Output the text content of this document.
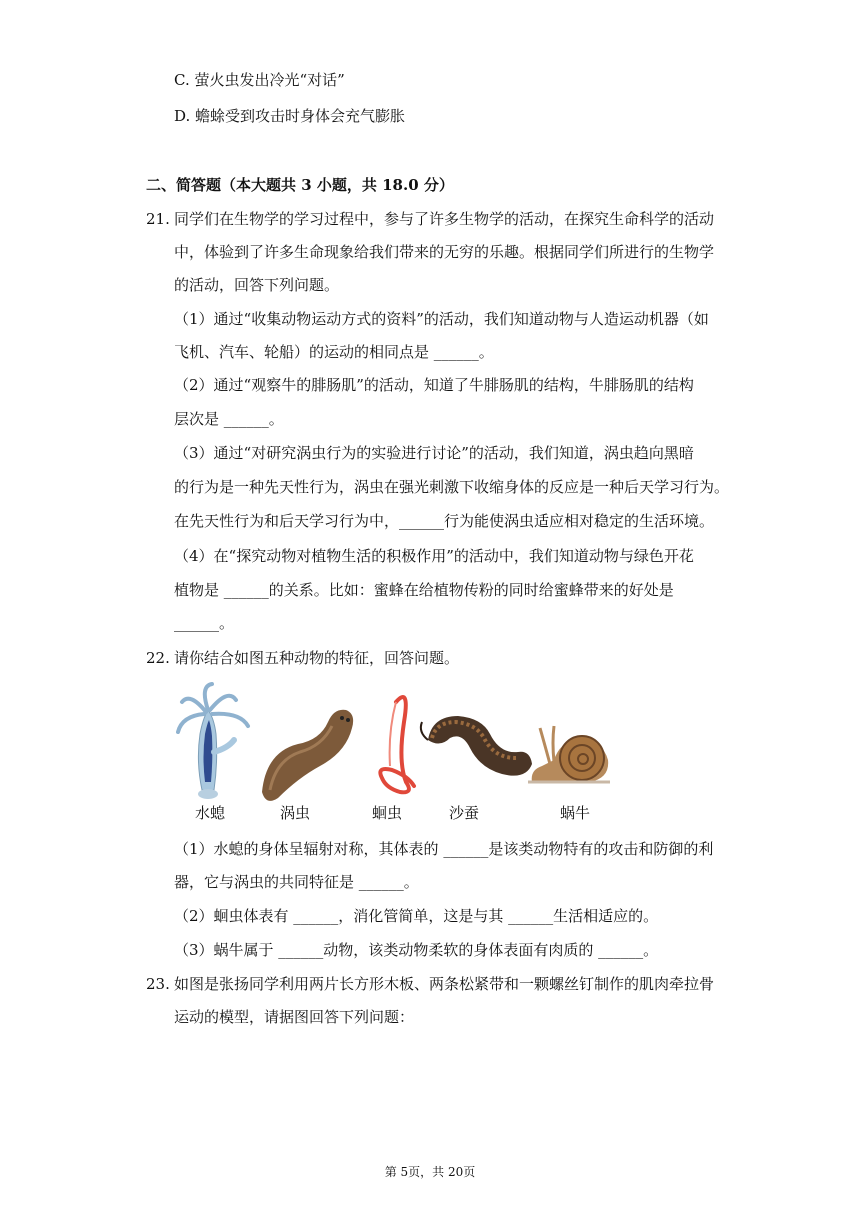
C. 萤火虫发出冷光“对话”
D. 蟾蜍受到攻击时身体会充气膨胀
二、简答题（本大题共 3 小题，共 18.0 分）
21. 同学们在生物学的学习过程中，参与了许多生物学的活动，在探究生命科学的活动
中，体验到了许多生命现象给我们带来的无穷的乐趣。根据同学们所进行的生物学
的活动，回答下列问题。
（1）通过“收集动物运动方式的资料”的活动，我们知道动物与人造运动机器（如
飞机、汽车、轮船）的运动的相同点是 ______。
（2）通过“观察牛的腓肠肌”的活动，知道了牛腓肠肌的结构，牛腓肠肌的结构
层次是 ______。
（3）通过“对研究涡虫行为的实验进行讨论”的活动，我们知道，涡虫趋向黑暗
的行为是一种先天性行为，涡虫在强光刺激下收缩身体的反应是一种后天学习行为。
在先天性行为和后天学习行为中，______行为能使涡虫适应相对稳定的生活环境。
（4）在“探究动物对植物生活的积极作用”的活动中，我们知道动物与绿色开花
植物是 ______的关系。比如：蜜蜂在给植物传粉的同时给蜜蜂带来的好处是
______。
22. 请你结合如图五种动物的特征，回答问题。
水螅	涡虫	蛔虫	沙蚕	蜗牛
（1）水螅的身体呈辐射对称，其体表的 ______是该类动物特有的攻击和防御的利
器，它与涡虫的共同特征是 ______。
（2）蛔虫体表有 ______，消化管简单，这是与其 ______生活相适应的。
（3）蜗牛属于 ______动物，该类动物柔软的身体表面有肉质的 ______。
23. 如图是张扬同学利用两片长方形木板、两条松紧带和一颗螺丝钉制作的肌肉牵拉骨
运动的模型，请据图回答下列问题：
第 5页，共 20页
